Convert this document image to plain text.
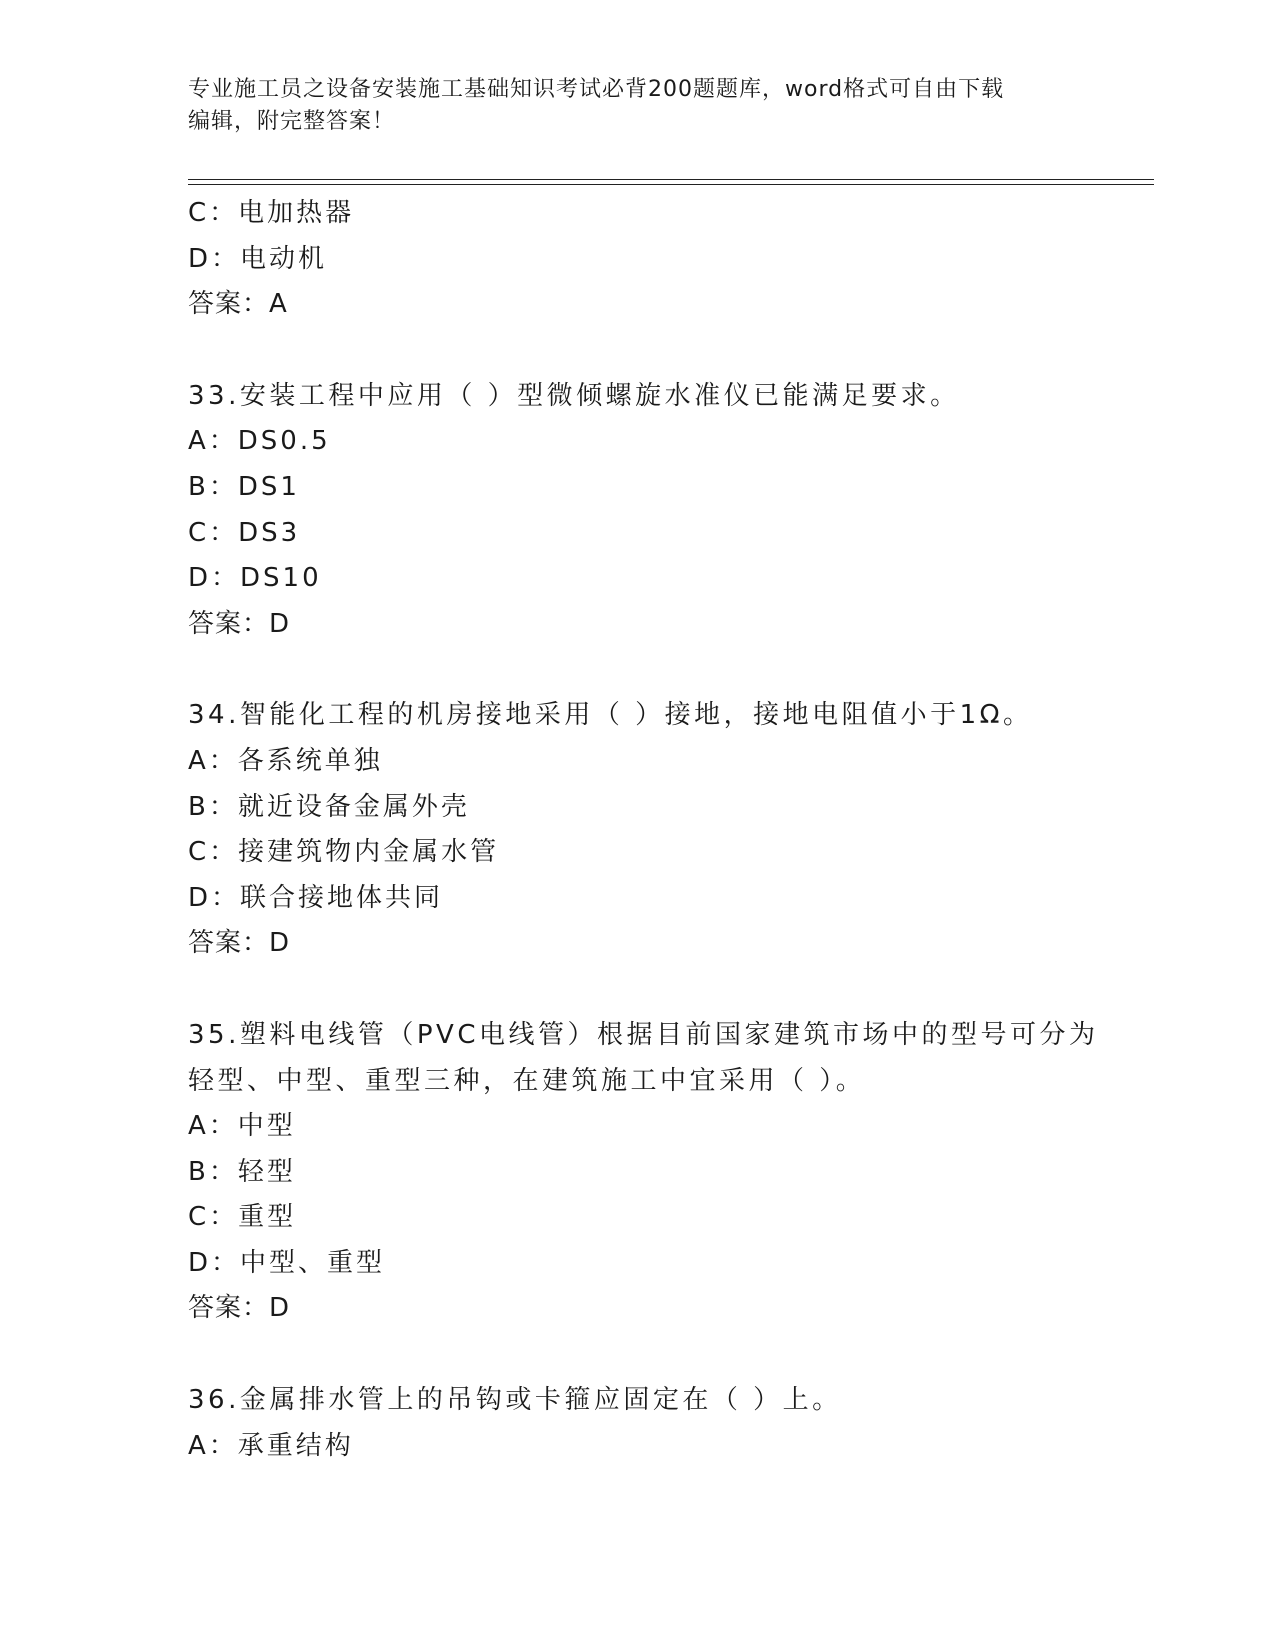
专业施工员之设备安装施工基础知识考试必背200题题库，word格式可自由下载
编辑，附完整答案！
C：电加热器
D：电动机
答案：A
33.安装工程中应用（ ）型微倾螺旋水准仪已能满足要求。
A：DS0.5
B：DS1
C：DS3
D：DS10
答案：D
34.智能化工程的机房接地采用（ ）接地，接地电阻值小于1Ω。
A：各系统单独
B：就近设备金属外壳
C：接建筑物内金属水管
D：联合接地体共同
答案：D
35.塑料电线管（PVC电线管）根据目前国家建筑市场中的型号可分为
轻型、中型、重型三种，在建筑施工中宜采用（ ）。
A：中型
B：轻型
C：重型
D：中型、重型
答案：D
36.金属排水管上的吊钩或卡箍应固定在（ ）上。
A：承重结构
